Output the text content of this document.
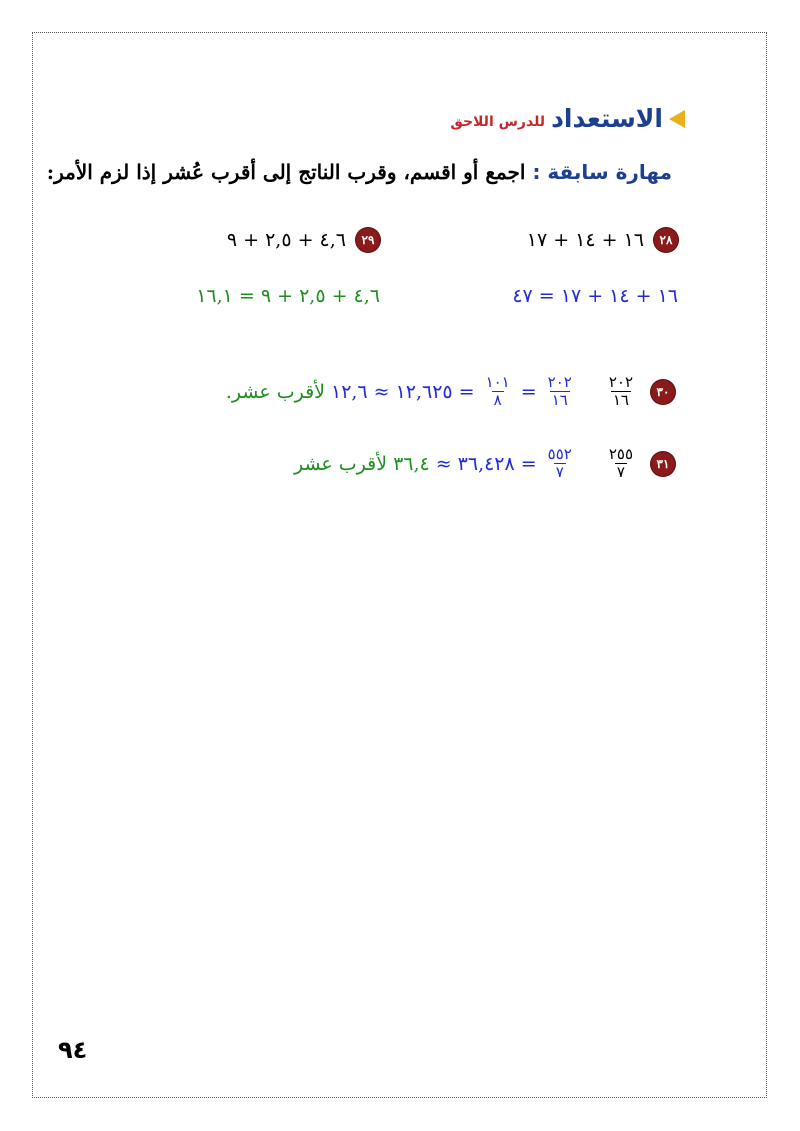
الاستعداد
للدرس اللاحق
مهارة سابقة : اجمع أو اقسم، وقرب الناتج إلى أقرب عُشر إذا لزم الأمر:
٢٨
١٦ + ١٤ + ١٧
٢٩
٤,٦ + ٢,٥ + ٩
١٦ + ١٤ + ١٧ = ٤٧
٤,٦ + ٢,٥ + ٩ = ١٦,١
٣٠
$\frac{٢٠٢}{١٦}$
$\frac{٢٠٢}{١٦}$
=
$\frac{١٠١}{٨}$
=
١٢,٦٢٥
≈
١٢,٦
لأقرب عشر.
٣١
$\frac{٢٥٥}{٧}$
$\frac{٥٥٢}{٧}$
=
٣٦,٤٢٨
≈
٣٦,٤
لأقرب عشر
٩٤
